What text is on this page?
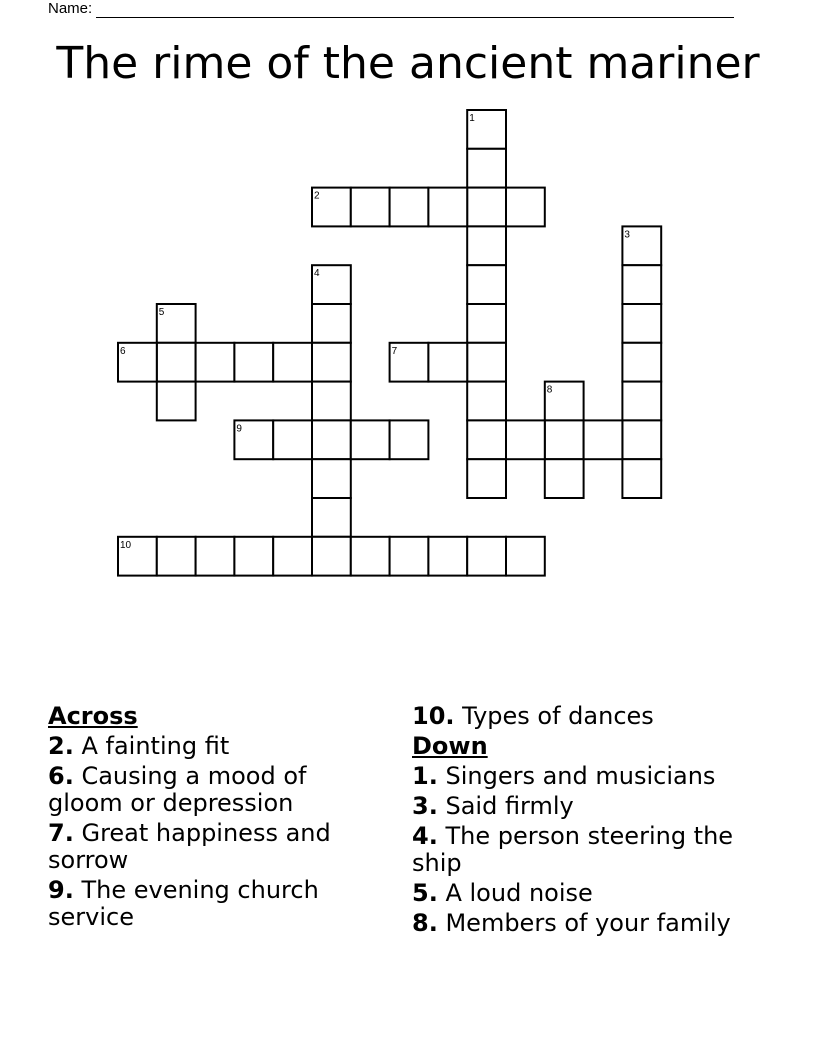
Name:
The rime of the ancient mariner
1
2
3
4
5
6	7
8
9
10
Across
2. A fainting fit
6. Causing a mood of gloom or depression
7. Great happiness and sorrow
9. The evening church service
10. Types of dances
Down
1. Singers and musicians
3. Said firmly
4. The person steering the ship
5. A loud noise
8. Members of your family
